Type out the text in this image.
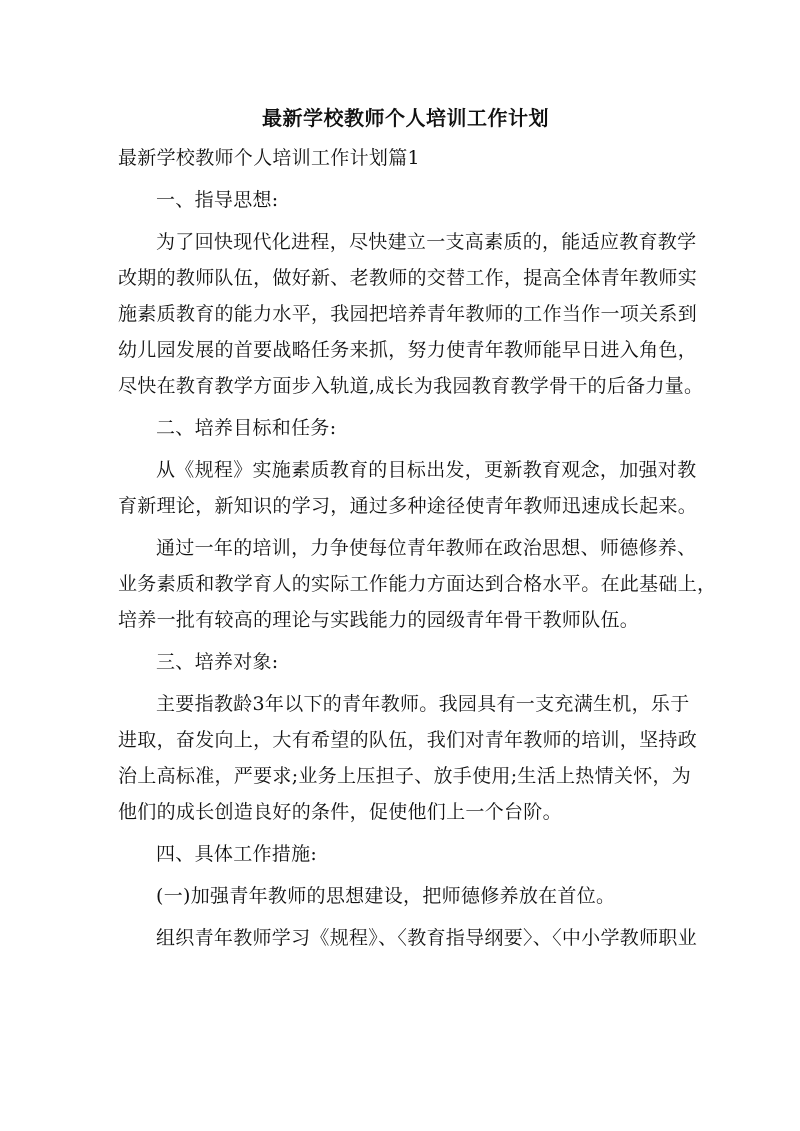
最新学校教师个人培训工作计划
最新学校教师个人培训工作计划篇1
一、指导思想:
为了回快现代化进程，尽快建立一支高素质的，能适应教育教学
改期的教师队伍，做好新、老教师的交替工作，提高全体青年教师实
施素质教育的能力水平，我园把培养青年教师的工作当作一项关系到
幼儿园发展的首要战略任务来抓，努力使青年教师能早日进入角色，
尽快在教育教学方面步入轨道,成长为我园教育教学骨干的后备力量。
二、培养目标和任务:
从《规程》实施素质教育的目标出发，更新教育观念，加强对教
育新理论，新知识的学习，通过多种途径使青年教师迅速成长起来。
通过一年的培训，力争使每位青年教师在政治思想、师德修养、
业务素质和教学育人的实际工作能力方面达到合格水平。在此基础上，
培养一批有较高的理论与实践能力的园级青年骨干教师队伍。
三、培养对象:
主要指教龄3年以下的青年教师。我园具有一支充满生机，乐于
进取，奋发向上，大有希望的队伍，我们对青年教师的培训，坚持政
治上高标准，严要求;业务上压担子、放手使用;生活上热情关怀，为
他们的成长创造良好的条件，促使他们上一个台阶。
四、具体工作措施:
(一)加强青年教师的思想建设，把师德修养放在首位。
组织青年教师学习《规程》、〈教育指导纲要〉、〈中小学教师职业
